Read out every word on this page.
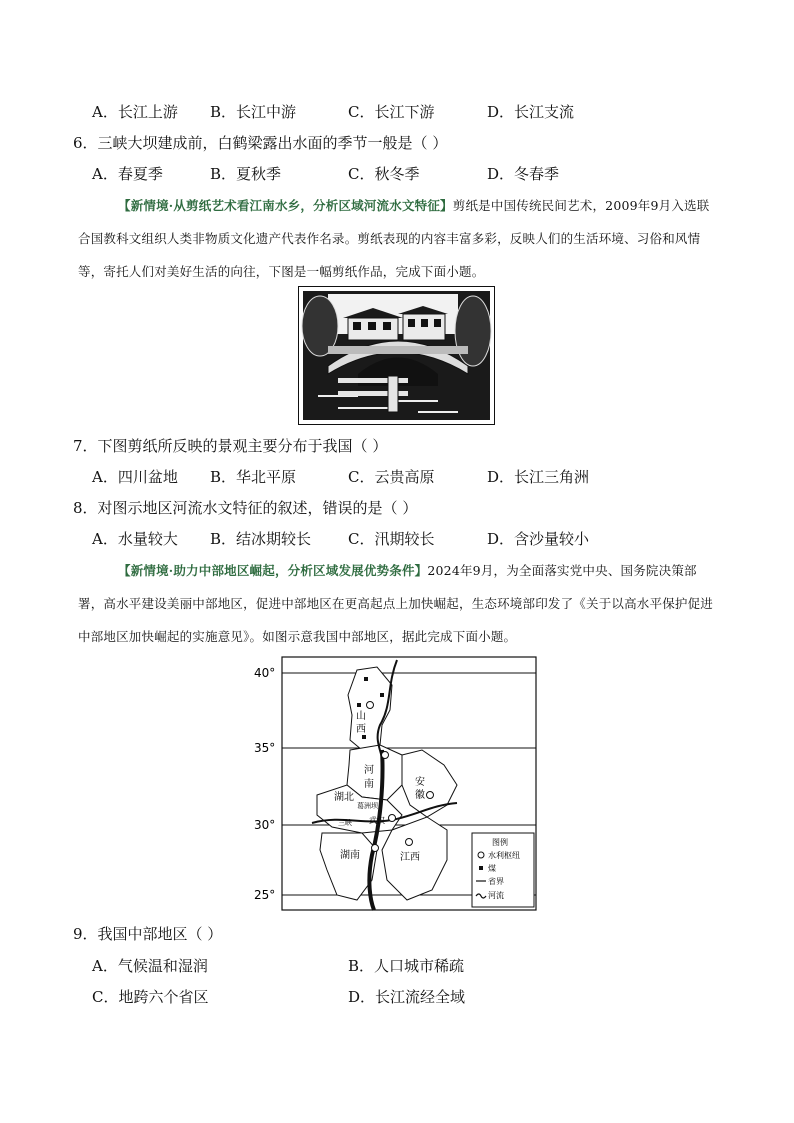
A．长江上游 B．长江中游	C．长江下游	D．长江支流
6．三峡大坝建成前，白鹤梁露出水面的季节一般是（ ）
A．春夏季	B．夏秋季	C．秋冬季	D．冬春季
【新情境·从剪纸艺术看江南水乡，分析区域河流水文特征】剪纸是中国传统民间艺术，2009年9月入选联合国教科文组织人类非物质文化遗产代表作名录。剪纸表现的内容丰富多彩，反映人们的生活环境、习俗和风情等，寄托人们对美好生活的向往，下图是一幅剪纸作品，完成下面小题。
7．下图剪纸所反映的景观主要分布于我国（ ）
A．四川盆地 B．华北平原	C．云贵高原	D．长江三角洲
8．对图示地区河流水文特征的叙述，错误的是（ ）
A．水量较大 B．结冰期较长 C．汛期较长	D．含沙量较小
【新情境·助力中部地区崛起，分析区域发展优势条件】2024年9月，为全面落实党中央、国务院决策部署，高水平建设美丽中部地区，促进中部地区在更高起点上加快崛起，生态环境部印发了《关于以高水平保护促进中部地区加快崛起的实施意见》。如图示意我国中部地区，据此完成下面小题。
40°
35°
30°
25°
山
西
河
南	安
徽
湖北
湖南	江西
葛洲坝
三峡 武汉
图例
水利枢纽
煤
省界
河流
9．我国中部地区（ ）
A．气候温和湿润	B．人口城市稀疏
C．地跨六个省区	D．长江流经全域
